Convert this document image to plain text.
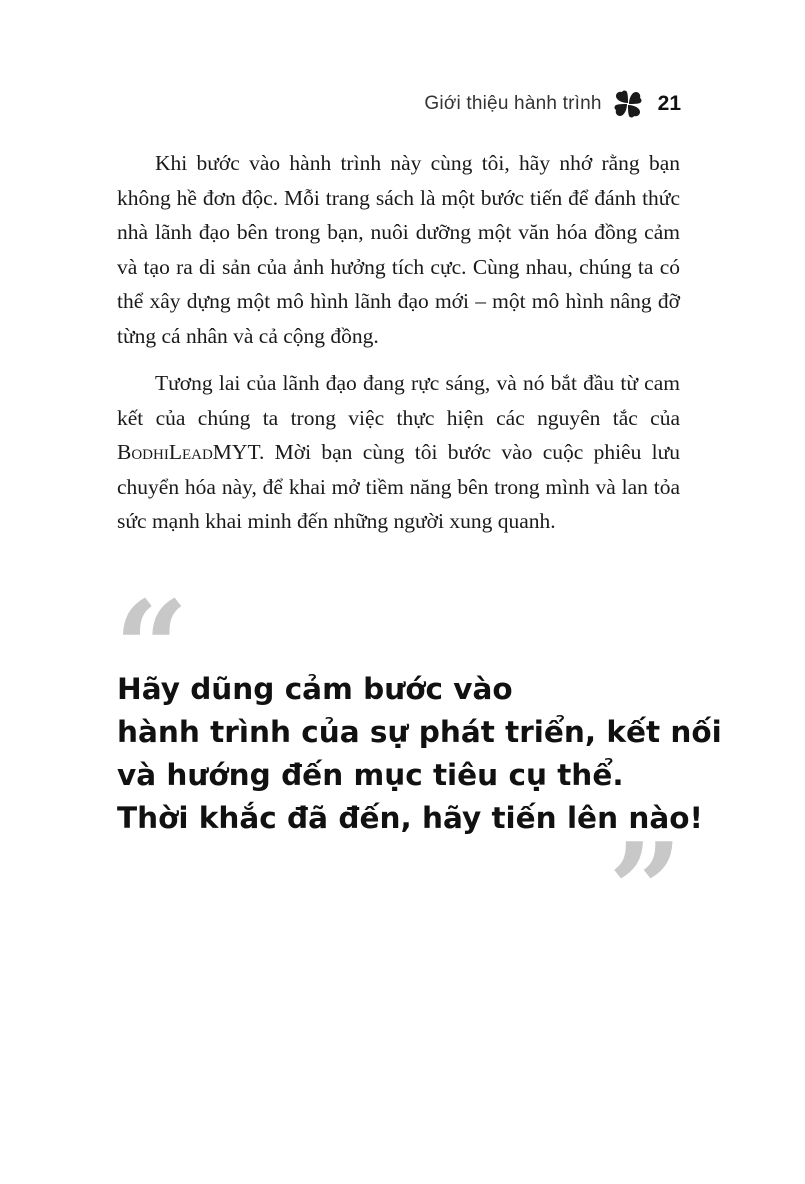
Giới thiệu hành trình	21

Khi bước vào hành trình này cùng tôi, hãy nhớ rằng bạn không hề đơn độc. Mỗi trang sách là một bước tiến để đánh thức nhà lãnh đạo bên trong bạn, nuôi dưỡng một văn hóa đồng cảm và tạo ra di sản của ảnh hưởng tích cực. Cùng nhau, chúng ta có thể xây dựng một mô hình lãnh đạo mới – một mô hình nâng đỡ từng cá nhân và cả cộng đồng.

Tương lai của lãnh đạo đang rực sáng, và nó bắt đầu từ cam kết của chúng ta trong việc thực hiện các nguyên tắc của BodhiLeadMYT. Mời bạn cùng tôi bước vào cuộc phiêu lưu chuyển hóa này, để khai mở tiềm năng bên trong mình và lan tỏa sức mạnh khai minh đến những người xung quanh.

“
Hãy dũng cảm bước vào
hành trình của sự phát triển, kết nối
và hướng đến mục tiêu cụ thể.
Thời khắc đã đến, hãy tiến lên nào!
”
